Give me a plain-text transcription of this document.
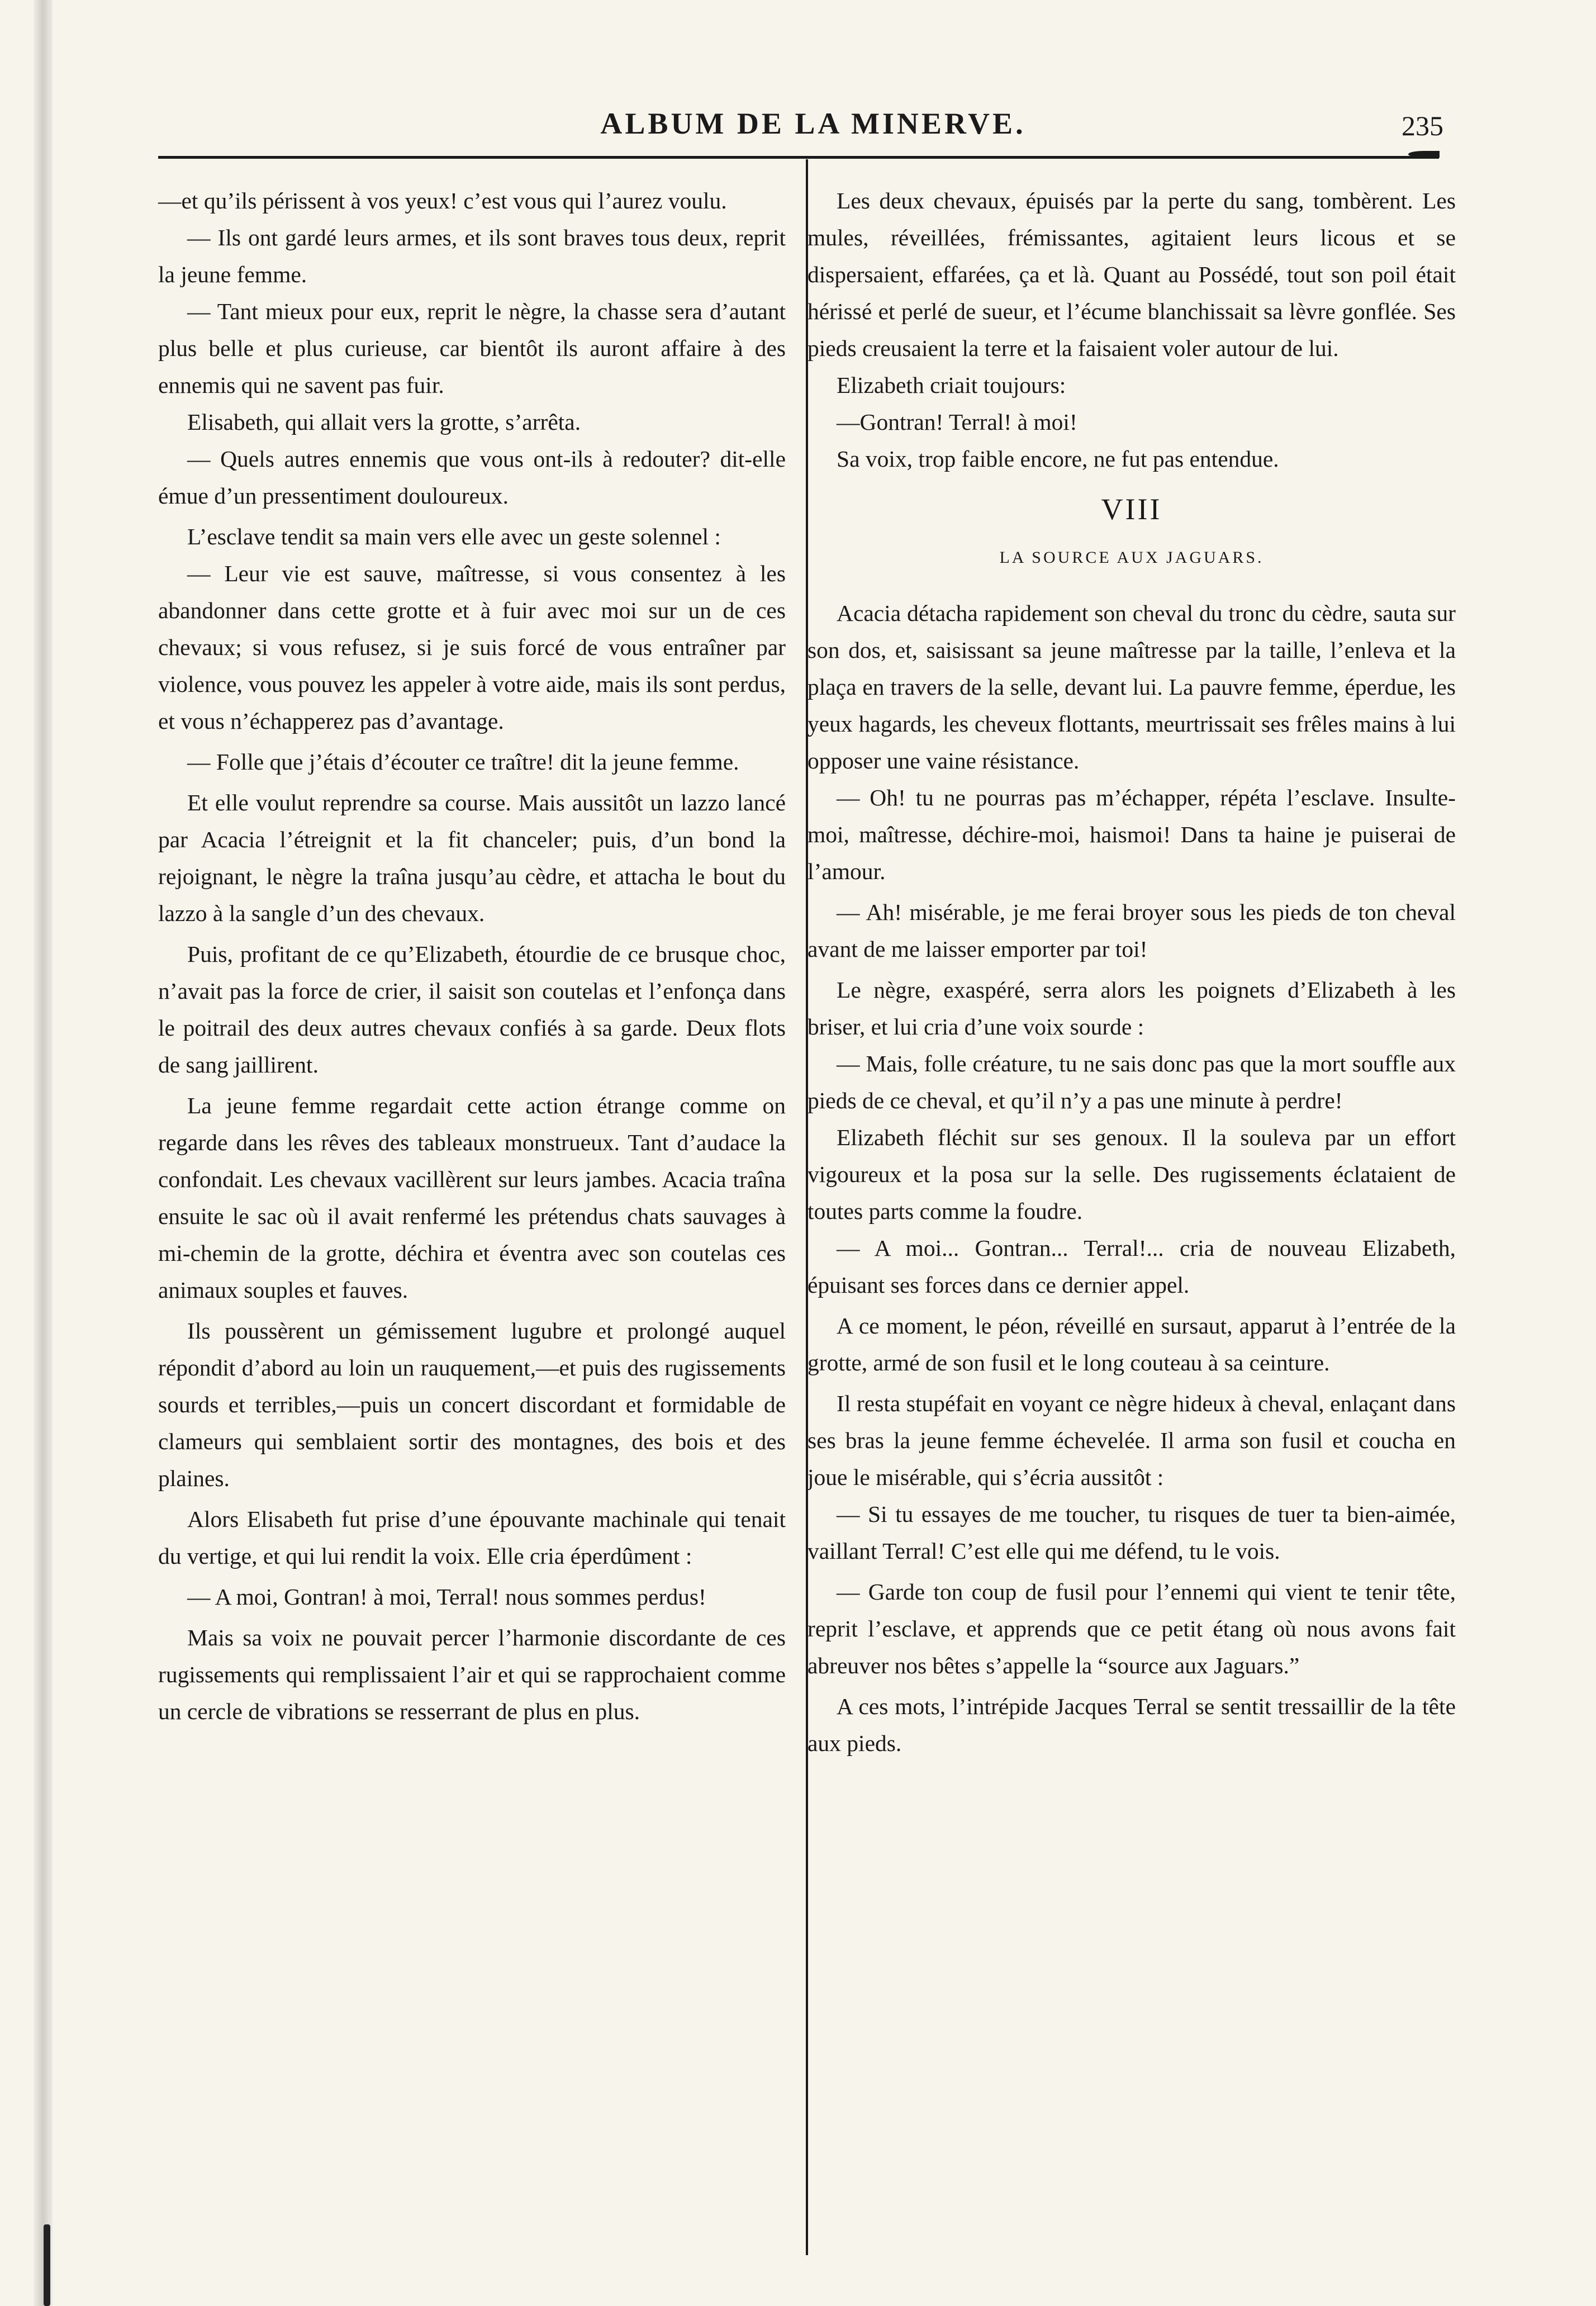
ALBUM DE LA MINERVE.	235

—et qu’ils périssent à vos yeux! c’est vous qui l’aurez voulu.

— Ils ont gardé leurs armes, et ils sont braves tous deux, reprit la jeune femme.

— Tant mieux pour eux, reprit le nègre, la chasse sera d’autant plus belle et plus curieuse, car bientôt ils auront affaire à des ennemis qui ne savent pas fuir.

Elisabeth, qui allait vers la grotte, s’arrêta.

— Quels autres ennemis que vous ont-ils à redouter? dit-elle émue d’un pressentiment douloureux.

L’esclave tendit sa main vers elle avec un geste solennel :

— Leur vie est sauve, maîtresse, si vous consentez à les abandonner dans cette grotte et à fuir avec moi sur un de ces chevaux; si vous refusez, si je suis forcé de vous entraîner par violence, vous pouvez les appeler à votre aide, mais ils sont perdus, et vous n’échapperez pas d’avantage.

— Folle que j’étais d’écouter ce traître! dit la jeune femme.

Et elle voulut reprendre sa course. Mais aussitôt un lazzo lancé par Acacia l’étreignit et la fit chanceler; puis, d’un bond la rejoignant, le nègre la traîna jusqu’au cèdre, et attacha le bout du lazzo à la sangle d’un des chevaux.

Puis, profitant de ce qu’Elizabeth, étourdie de ce brusque choc, n’avait pas la force de crier, il saisit son coutelas et l’enfonça dans le poitrail des deux autres chevaux confiés à sa garde. Deux flots de sang jaillirent.

La jeune femme regardait cette action étrange comme on regarde dans les rêves des tableaux monstrueux. Tant d’audace la confondait. Les chevaux vacillèrent sur leurs jambes. Acacia traîna ensuite le sac où il avait renfermé les prétendus chats sauvages à mi-chemin de la grotte, déchira et éventra avec son coutelas ces animaux souples et fauves.

Ils poussèrent un gémissement lugubre et prolongé auquel répondit d’abord au loin un rauquement,—et puis des rugissements sourds et terribles,—puis un concert discordant et formidable de clameurs qui semblaient sortir des montagnes, des bois et des plaines.

Alors Elisabeth fut prise d’une épouvante machinale qui tenait du vertige, et qui lui rendit la voix. Elle cria éperdûment :

— A moi, Gontran! à moi, Terral! nous sommes perdus!

Mais sa voix ne pouvait percer l’harmonie discordante de ces rugissements qui remplissaient l’air et qui se rapprochaient comme un cercle de vibrations se resserrant de plus en plus.

Les deux chevaux, épuisés par la perte du sang, tombèrent. Les mules, réveillées, frémissantes, agitaient leurs licous et se dispersaient, effarées, ça et là. Quant au Possédé, tout son poil était hérissé et perlé de sueur, et l’écume blanchissait sa lèvre gonflée. Ses pieds creusaient la terre et la faisaient voler autour de lui.

Elizabeth criait toujours:

—Gontran! Terral! à moi!

Sa voix, trop faible encore, ne fut pas entendue.

VIII
LA SOURCE AUX JAGUARS.

Acacia détacha rapidement son cheval du tronc du cèdre, sauta sur son dos, et, saisissant sa jeune maîtresse par la taille, l’enleva et la plaça en travers de la selle, devant lui. La pauvre femme, éperdue, les yeux hagards, les cheveux flottants, meurtrissait ses frêles mains à lui opposer une vaine résistance.

— Oh! tu ne pourras pas m’échapper, répéta l’esclave. Insulte-moi, maîtresse, déchire-moi, haismoi! Dans ta haine je puiserai de l’amour.

— Ah! misérable, je me ferai broyer sous les pieds de ton cheval avant de me laisser emporter par toi!

Le nègre, exaspéré, serra alors les poignets d’Elizabeth à les briser, et lui cria d’une voix sourde :

— Mais, folle créature, tu ne sais donc pas que la mort souffle aux pieds de ce cheval, et qu’il n’y a pas une minute à perdre!

Elizabeth fléchit sur ses genoux. Il la souleva par un effort vigoureux et la posa sur la selle. Des rugissements éclataient de toutes parts comme la foudre.

— A moi... Gontran... Terral!... cria de nouveau Elizabeth, épuisant ses forces dans ce dernier appel.

A ce moment, le péon, réveillé en sursaut, apparut à l’entrée de la grotte, armé de son fusil et le long couteau à sa ceinture.

Il resta stupéfait en voyant ce nègre hideux à cheval, enlaçant dans ses bras la jeune femme échevelée. Il arma son fusil et coucha en joue le misérable, qui s’écria aussitôt :

— Si tu essayes de me toucher, tu risques de tuer ta bien-aimée, vaillant Terral! C’est elle qui me défend, tu le vois.

— Garde ton coup de fusil pour l’ennemi qui vient te tenir tête, reprit l’esclave, et apprends que ce petit étang où nous avons fait abreuver nos bêtes s’appelle la “source aux Jaguars.”

A ces mots, l’intrépide Jacques Terral se sentit tressaillir de la tête aux pieds.
